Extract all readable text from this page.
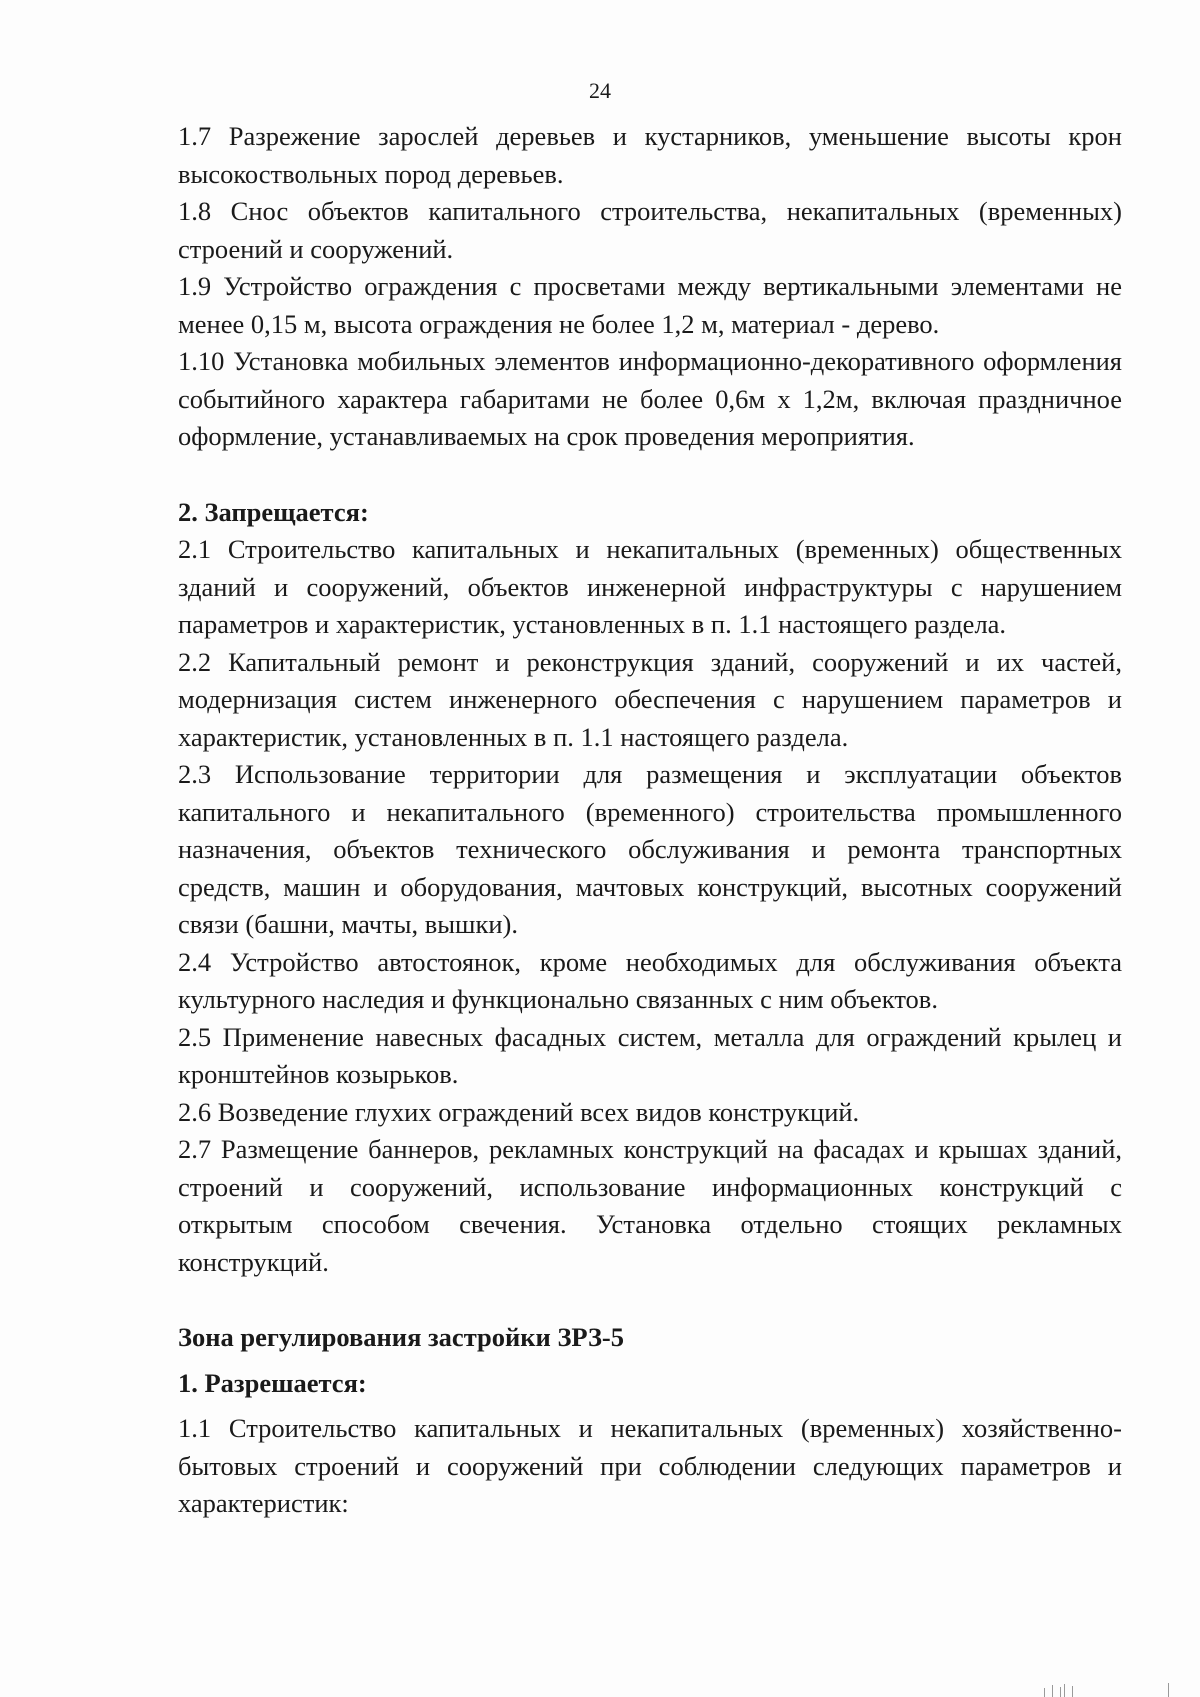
24

1.7 Разрежение зарослей деревьев и кустарников, уменьшение высоты крон высокоствольных пород деревьев.

1.8 Снос объектов капитального строительства, некапитальных (временных) строений и сооружений.

1.9 Устройство ограждения с просветами между вертикальными элементами не менее 0,15 м, высота ограждения не более 1,2 м, материал - дерево.

1.10 Установка мобильных элементов информационно-декоративного оформления событийного характера габаритами не более 0,6м х 1,2м, включая праздничное оформление, устанавливаемых на срок проведения мероприятия.

2. Запрещается:

2.1 Строительство капитальных и некапитальных (временных) общественных зданий и сооружений, объектов инженерной инфраструктуры с нарушением параметров и характеристик, установленных в п. 1.1 настоящего раздела.

2.2 Капитальный ремонт и реконструкция зданий, сооружений и их частей, модернизация систем инженерного обеспечения с нарушением параметров и характеристик, установленных в п. 1.1 настоящего раздела.

2.3 Использование территории для размещения и эксплуатации объектов капитального и некапитального (временного) строительства промышленного назначения, объектов технического обслуживания и ремонта транспортных средств, машин и оборудования, мачтовых конструкций, высотных сооружений связи (башни, мачты, вышки).

2.4 Устройство автостоянок, кроме необходимых для обслуживания объекта культурного наследия и функционально связанных с ним объектов.

2.5 Применение навесных фасадных систем, металла для ограждений крылец и кронштейнов козырьков.

2.6 Возведение глухих ограждений всех видов конструкций.

2.7 Размещение баннеров, рекламных конструкций на фасадах и крышах зданий, строений и сооружений, использование информационных конструкций с открытым способом свечения. Установка отдельно стоящих рекламных конструкций.

Зона регулирования застройки ЗРЗ-5

1. Разрешается:

1.1 Строительство капитальных и некапитальных (временных) хозяйственно-бытовых строений и сооружений при соблюдении следующих параметров и характеристик:
